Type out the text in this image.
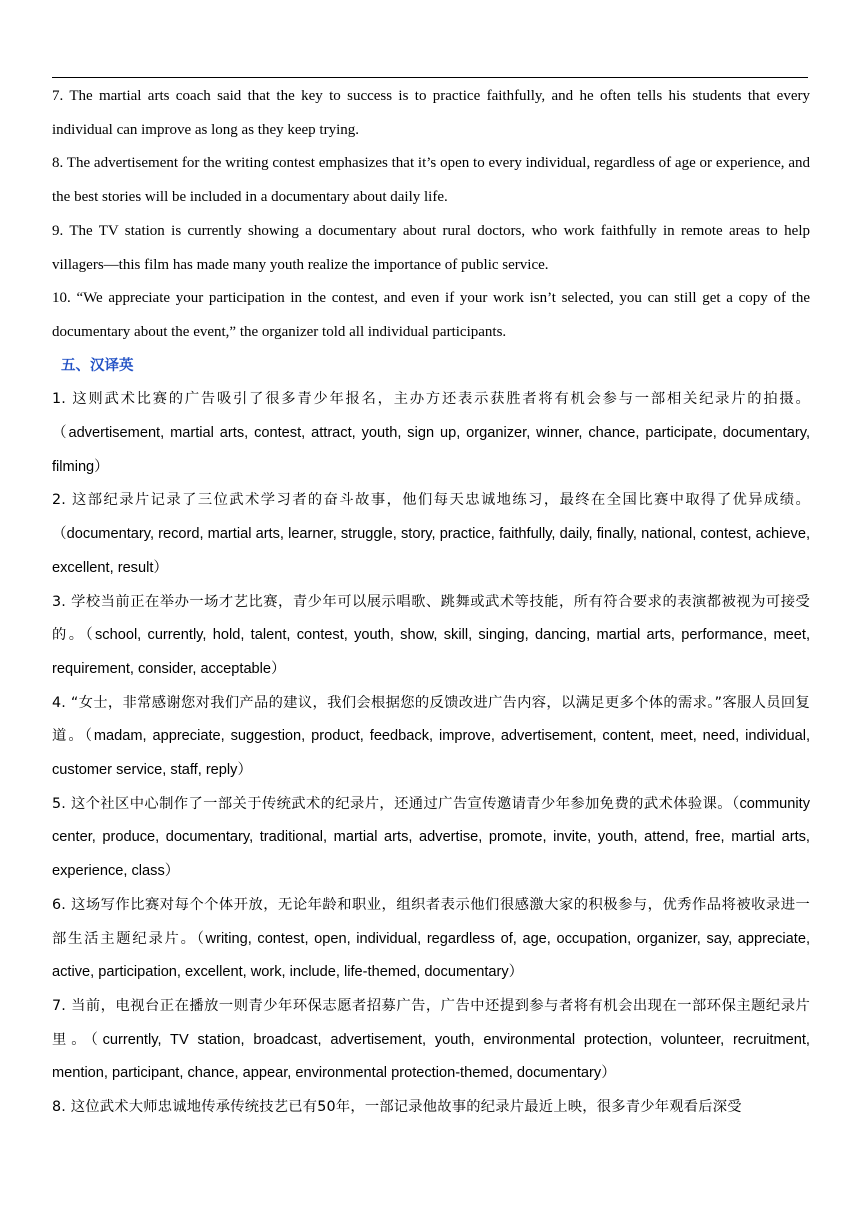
7. The martial arts coach said that the key to success is to practice faithfully, and he often tells his students that every individual can improve as long as they keep trying.

8. The advertisement for the writing contest emphasizes that it’s open to every individual, regardless of age or experience, and the best stories will be included in a documentary about daily life.

9. The TV station is currently showing a documentary about rural doctors, who work faithfully in remote areas to help villagers—this film has made many youth realize the importance of public service.

10. “We appreciate your participation in the contest, and even if your work isn’t selected, you can still get a copy of the documentary about the event,” the organizer told all individual participants.

五、汉译英

1. 这则武术比赛的广告吸引了很多青少年报名，主办方还表示获胜者将有机会参与一部相关纪录片的拍摄。（advertisement, martial arts, contest, attract, youth, sign up, organizer, winner, chance, participate, documentary, filming）

2. 这部纪录片记录了三位武术学习者的奋斗故事，他们每天忠诚地练习，最终在全国比赛中取得了优异成绩。（documentary, record, martial arts, learner, struggle, story, practice, faithfully, daily, finally, national, contest, achieve, excellent, result）

3. 学校当前正在举办一场才艺比赛，青少年可以展示唱歌、跳舞或武术等技能，所有符合要求的表演都被视为可接受的。（school, currently, hold, talent, contest, youth, show, skill, singing, dancing, martial arts, performance, meet, requirement, consider, acceptable）

4. “女士，非常感谢您对我们产品的建议，我们会根据您的反馈改进广告内容，以满足更多个体的需求。”客服人员回复道。（madam, appreciate, suggestion, product, feedback, improve, advertisement, content, meet, need, individual, customer service, staff, reply）

5. 这个社区中心制作了一部关于传统武术的纪录片，还通过广告宣传邀请青少年参加免费的武术体验课。（community center, produce, documentary, traditional, martial arts, advertise, promote, invite, youth, attend, free, martial arts, experience, class）

6. 这场写作比赛对每个个体开放，无论年龄和职业，组织者表示他们很感激大家的积极参与，优秀作品将被收录进一部生活主题纪录片。（writing, contest, open, individual, regardless of, age, occupation, organizer, say, appreciate, active, participation, excellent, work, include, life-themed, documentary）

7. 当前，电视台正在播放一则青少年环保志愿者招募广告，广告中还提到参与者将有机会出现在一部环保主题纪录片里。（currently, TV station, broadcast, advertisement, youth, environmental protection, volunteer, recruitment, mention, participant, chance, appear, environmental protection-themed, documentary）

8. 这位武术大师忠诚地传承传统技艺已有50年，一部记录他故事的纪录片最近上映，很多青少年观看后深受
